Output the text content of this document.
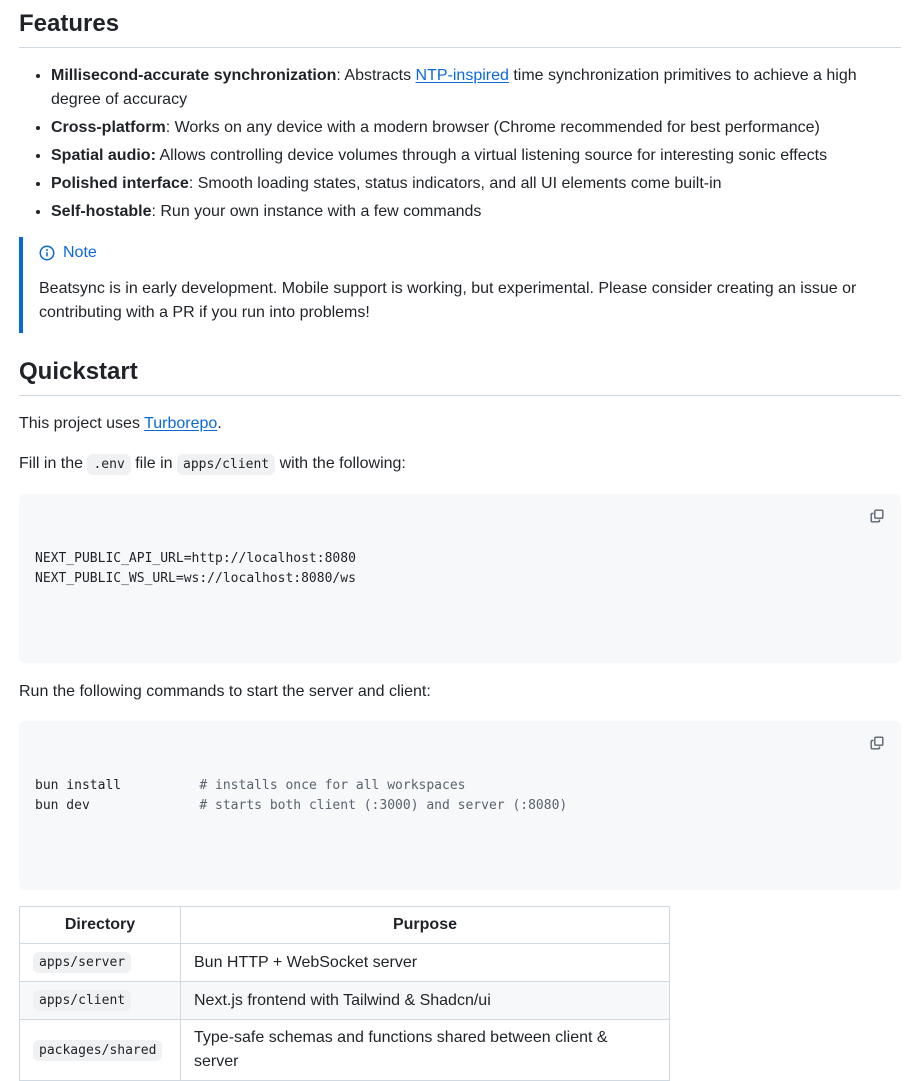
Features
• Millisecond-accurate synchronization: Abstracts NTP-inspired time synchronization primitives to achieve a high degree of accuracy
• Cross-platform: Works on any device with a modern browser (Chrome recommended for best performance)
• Spatial audio: Allows controlling device volumes through a virtual listening source for interesting sonic effects
• Polished interface: Smooth loading states, status indicators, and all UI elements come built-in
• Self-hostable: Run your own instance with a few commands
Note

Beatsync is in early development. Mobile support is working, but experimental. Please consider creating an issue or contributing with a PR if you run into problems!

Quickstart

This project uses Turborepo.

Fill in the .env file in apps/client with the following:

NEXT_PUBLIC_API_URL=http://localhost:8080
NEXT_PUBLIC_WS_URL=ws://localhost:8080/ws

Run the following commands to start the server and client:

bun install          # installs once for all workspaces
bun dev              # starts both client (:3000) and server (:8080)

Directory	Purpose
apps/server	Bun HTTP + WebSocket server
apps/client	Next.js frontend with Tailwind & Shadcn/ui
packages/shared	Type-safe schemas and functions shared between client & server
